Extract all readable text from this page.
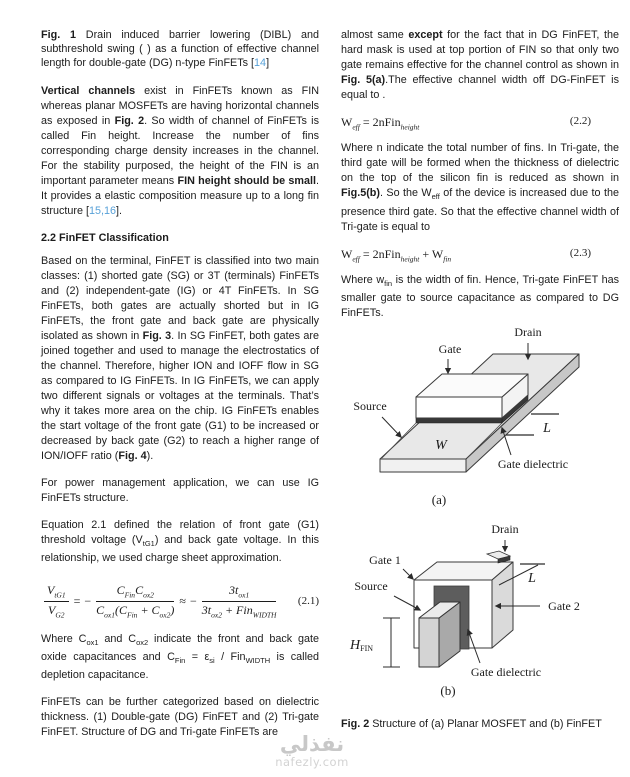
Fig. 1 Drain induced barrier lowering (DIBL) and subthreshold swing ( ) as a function of effective channel length for double-gate (DG) n-type FinFETs [14]

Vertical channels exist in FinFETs known as FIN whereas planar MOSFETs are having horizontal channels as exposed in Fig. 2. So width of channel of FinFETs is called Fin height. Increase the number of fins corresponding charge density increases in the channel. For the stability purposed, the height of the FIN is an important parameter means FIN height should be small. It provides a elastic composition measure up to a long fin structure [15,16].

2.2 FinFET Classification

Based on the terminal, FinFET is classified into two main classes: (1) shorted gate (SG) or 3T (terminals) FinFETs and (2) independent-gate (IG) or 4T FinFETs. In SG FinFETs, both gates are actually shorted but in IG FinFETs, the front gate and back gate are physically isolated as shown in Fig. 3. In SG FinFET, both gates are joined together and used to manage the electrostatics of the channel. Therefore, higher ION and IOFF flow in SG as compared to IG FinFETs. In IG FinFETs, we can apply two different signals or voltages at the terminals. That’s why it takes more area on the chip. IG FinFETs enables the start voltage of the front gate (G1) to be increased or decreased by back gate (G2) to reach a higher range of ION/IOFF ratio (Fig. 4).

For power management application, we can use IG FinFETs structure.

Equation 2.1 defined the relation of front gate (G1) threshold voltage $(V_{tG1})$ and back gate voltage. In this relationship, we used charge sheet approximation.

$\frac{V_{tG1}}{V_{G2}}$ = − $\frac{C_{Fin}C_{ox2}}{C_{ox1}(C_{Fin} + C_{ox2})}$ ≈ − $\frac{3t_{ox1}}{3t_{ox2} + Fin_{WIDTH}} (2.1)$

Where $C_{ox1}$ and $C_{ox2}$ indicate the front and back gate oxide capacitances and $C_{Fin} = \varepsilon_{si} / Fin_{WIDTH}$ is called depletion capacitance.

FinFETs can be further categorized based on dielectric thickness. (1) Double-gate (DG) FinFET and (2) Tri-gate FinFET. Structure of DG and Tri-gate FinFETs are

almost same except for the fact that in DG FinFET, the hard mask is used at top portion of FIN so that only two gate remains effective for the channel control as shown in Fig. 5(a).The effective channel width off DG-FinFET is equal to .

$W_{eff}$ = 2nFin$_{height}$	(2.2)

Where n indicate the total number of fins. In Tri-gate, the third gate will be formed when the thickness of dielectric on the top of the silicon fin is reduced as shown in Fig.5(b). So the $W_{eff}$ of the device is increased due to the presence third gate. So that the effective channel width of Tri-gate is equal to

$W_{eff}$ = 2nFin$_{height}$ + $W_{fin}$	(2.3)

Where $w_{fin}$ is the width of fin. Hence, Tri-gate FinFET has smaller gate to source capacitance as compared to DG FinFETs.

Gate
Drain
Source
W
L
Gate dielectric
(a)
HFIN
Gate 1
Source
Drain
L
Gate 2
Gate dielectric
(b)
Fig. 2 Structure of (a) Planar MOSFET and (b) FinFET
نفذلي
nafezly.com
